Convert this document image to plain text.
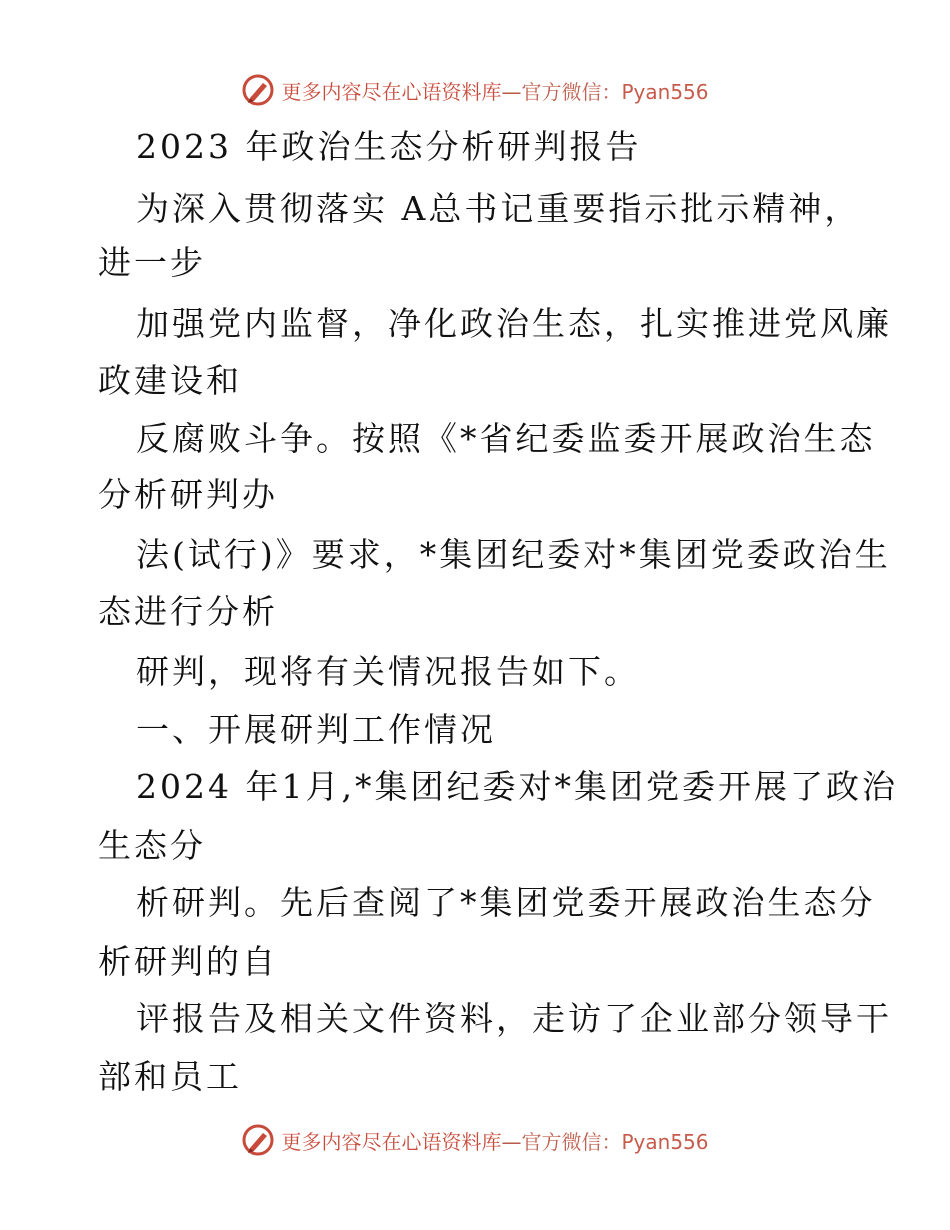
更多内容尽在心语资料库—官方微信：Pyan556
2023 年政治生态分析研判报告
为深入贯彻落实 A总书记重要指示批示精神，
进一步
加强党内监督，净化政治生态，扎实推进党风廉
政建设和
反腐败斗争。按照《*省纪委监委开展政治生态
分析研判办
法(试行)》要求，*集团纪委对*集团党委政治生
态进行分析
研判，现将有关情况报告如下。
一、开展研判工作情况
2024 年1月,*集团纪委对*集团党委开展了政治
生态分
析研判。先后查阅了*集团党委开展政治生态分
析研判的自
评报告及相关文件资料，走访了企业部分领导干
部和员工
更多内容尽在心语资料库—官方微信：Pyan556
